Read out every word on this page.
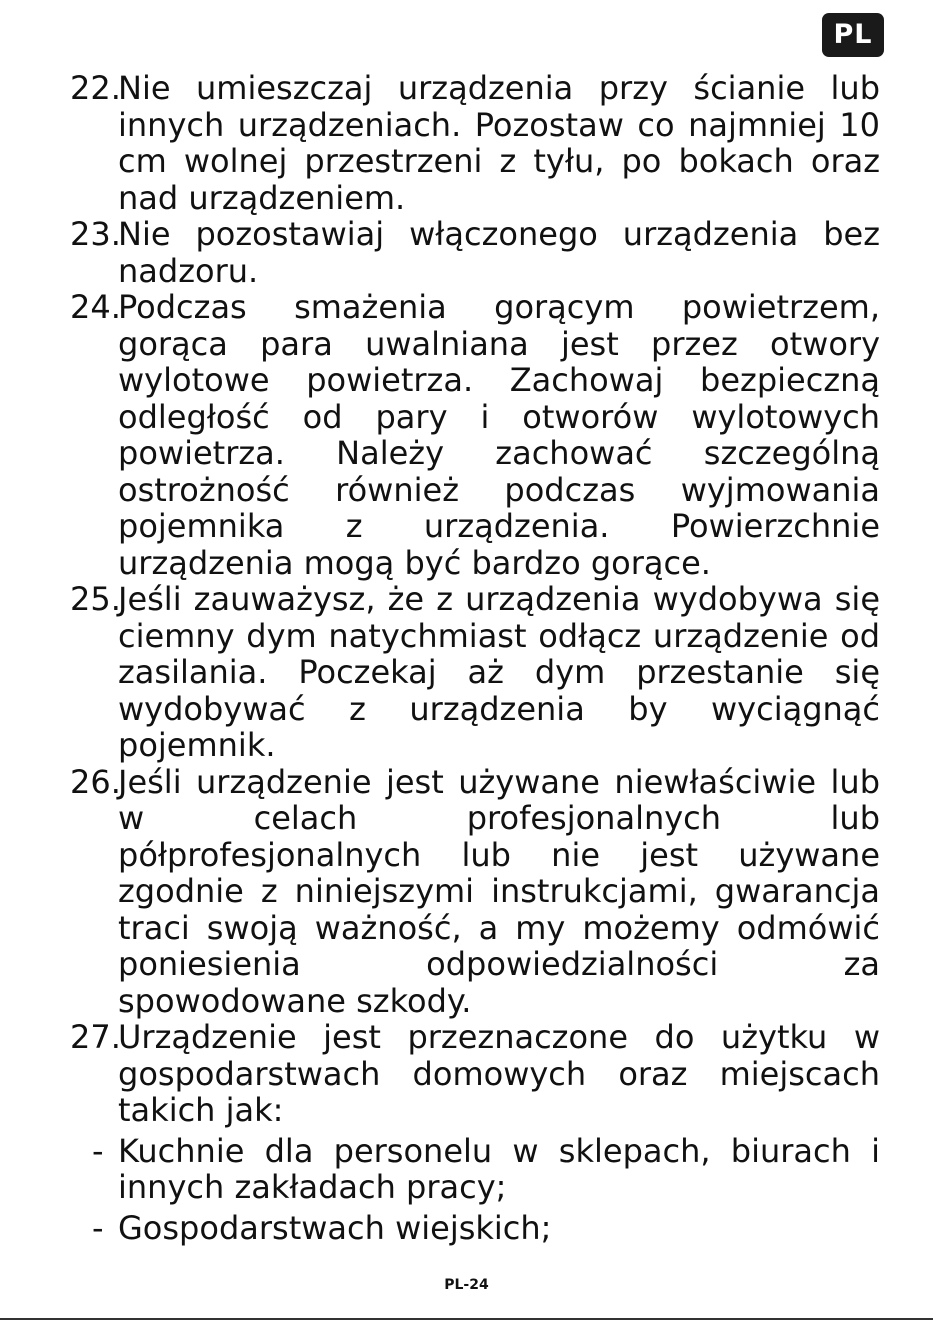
PL
22.
Nie umieszczaj urządzenia przy ścianie lub innych urządzeniach. Pozostaw co najmniej 10 cm wolnej przestrzeni z tyłu, po bokach oraz nad urządzeniem.
23.
Nie pozostawiaj włączonego urządzenia bez nadzoru.
24.
Podczas smażenia gorącym powietrzem, gorąca para uwalniana jest przez otwory wylotowe powietrza. Zachowaj bezpieczną odległość od pary i otworów wylotowych powietrza. Należy zachować szczególną ostrożność również podczas wyjmowania pojemnika z urządzenia. Powierzchnie urządzenia mogą być bardzo gorące.
25.
Jeśli zauważysz, że z urządzenia wydobywa się ciemny dym natychmiast odłącz urządzenie od zasilania. Poczekaj aż dym przestanie się wydobywać z urządzenia by wyciągnąć pojemnik.
26.
Jeśli urządzenie jest używane niewłaściwie lub w celach profesjonalnych lub półprofesjonalnych lub nie jest używane zgodnie z niniejszymi instrukcjami, gwarancja traci swoją ważność, a my możemy odmówić poniesienia odpowiedzialności za spowodowane szkody.
27.
Urządzenie jest przeznaczone do użytku w gospodarstwach domowych oraz miejscach takich jak:
- Kuchnie dla personelu w sklepach, biurach i innych zakładach pracy;
- Gospodarstwach wiejskich;
PL-24
